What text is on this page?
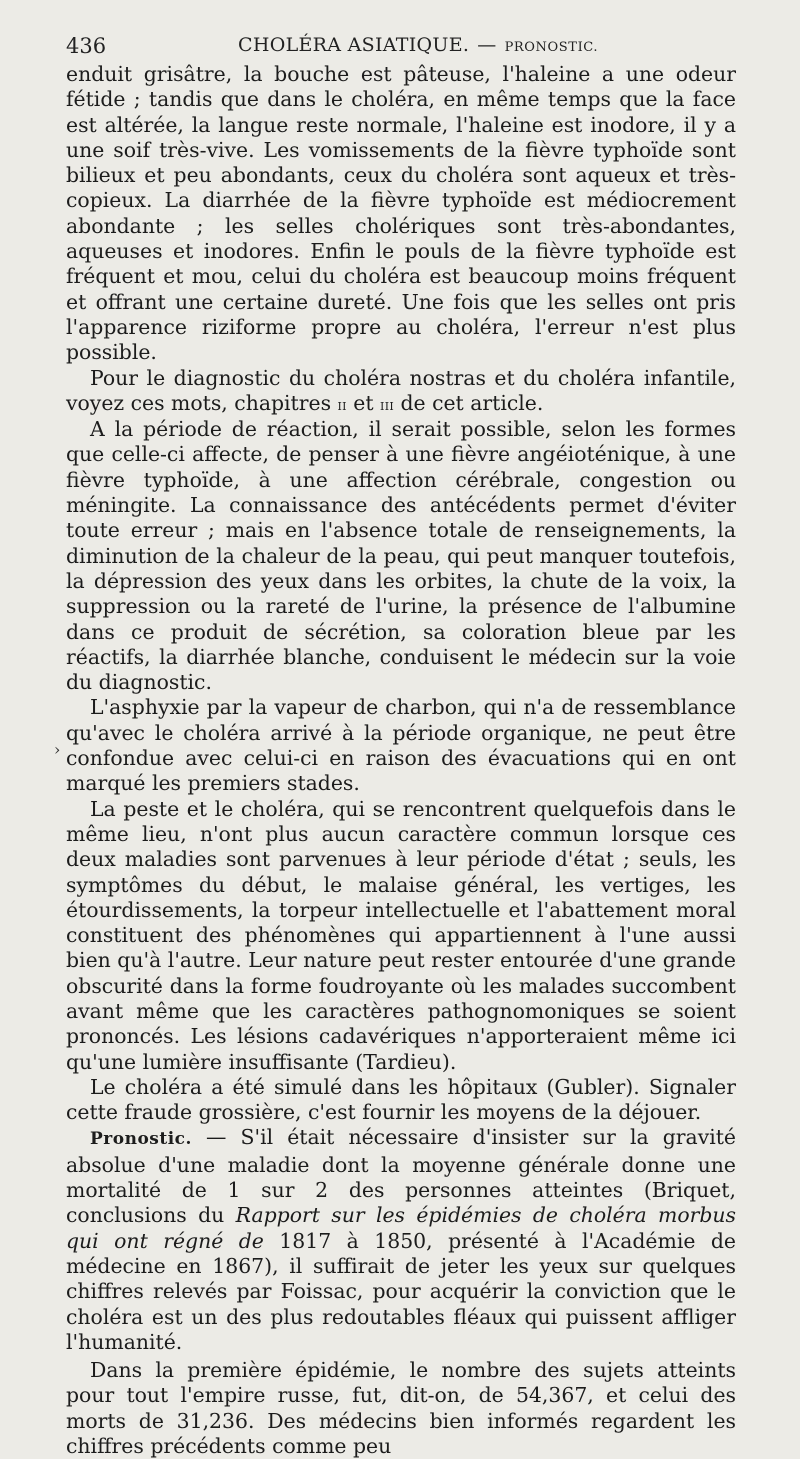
436	CHOLÉRA ASIATIQUE. — PRONOSTIC.

enduit grisâtre, la bouche est pâteuse, l'haleine a une odeur fétide ; tandis que dans le choléra, en même temps que la face est altérée, la langue reste normale, l'haleine est inodore, il y a une soif très-vive. Les vomissements de la fièvre typhoïde sont bilieux et peu abondants, ceux du choléra sont aqueux et très-copieux. La diarrhée de la fièvre typhoïde est médiocrement abondante ; les selles cholériques sont très-abondantes, aqueuses et inodores. Enfin le pouls de la fièvre typhoïde est fréquent et mou, celui du choléra est beaucoup moins fréquent et offrant une certaine dureté. Une fois que les selles ont pris l'apparence riziforme propre au choléra, l'erreur n'est plus possible.

Pour le diagnostic du choléra nostras et du choléra infantile, voyez ces mots, chapitres ii et iii de cet article.

A la période de réaction, il serait possible, selon les formes que celle-ci affecte, de penser à une fièvre angéioténique, à une fièvre typhoïde, à une affection cérébrale, congestion ou méningite. La connaissance des antécédents permet d'éviter toute erreur ; mais en l'absence totale de renseignements, la diminution de la chaleur de la peau, qui peut manquer toutefois, la dépression des yeux dans les orbites, la chute de la voix, la suppression ou la rareté de l'urine, la présence de l'albumine dans ce produit de sécrétion, sa coloration bleue par les réactifs, la diarrhée blanche, conduisent le médecin sur la voie du diagnostic.

L'asphyxie par la vapeur de charbon, qui n'a de ressemblance qu'avec le choléra arrivé à la période organique, ne peut être confondue avec celui-ci en raison des évacuations qui en ont marqué les premiers stades.

La peste et le choléra, qui se rencontrent quelquefois dans le même lieu, n'ont plus aucun caractère commun lorsque ces deux maladies sont parvenues à leur période d'état ; seuls, les symptômes du début, le malaise général, les vertiges, les étourdissements, la torpeur intellectuelle et l'abattement moral constituent des phénomènes qui appartiennent à l'une aussi bien qu'à l'autre. Leur nature peut rester entourée d'une grande obscurité dans la forme foudroyante où les malades succombent avant même que les caractères pathognomoniques se soient prononcés. Les lésions cadavériques n'apporteraient même ici qu'une lumière insuffisante (Tardieu).

Le choléra a été simulé dans les hôpitaux (Gubler). Signaler cette fraude grossière, c'est fournir les moyens de la déjouer.

Pronostic. — S'il était nécessaire d'insister sur la gravité absolue d'une maladie dont la moyenne générale donne une mortalité de 1 sur 2 des personnes atteintes (Briquet, conclusions du Rapport sur les épidémies de choléra morbus qui ont régné de 1817 à 1850, présenté à l'Académie de médecine en 1867), il suffirait de jeter les yeux sur quelques chiffres relevés par Foissac, pour acquérir la conviction que le choléra est un des plus redoutables fléaux qui puissent affliger l'humanité.

Dans la première épidémie, le nombre des sujets atteints pour tout l'empire russe, fut, dit-on, de 54,367, et celui des morts de 31,236. Des médecins bien informés regardent les chiffres précédents comme peu

›
